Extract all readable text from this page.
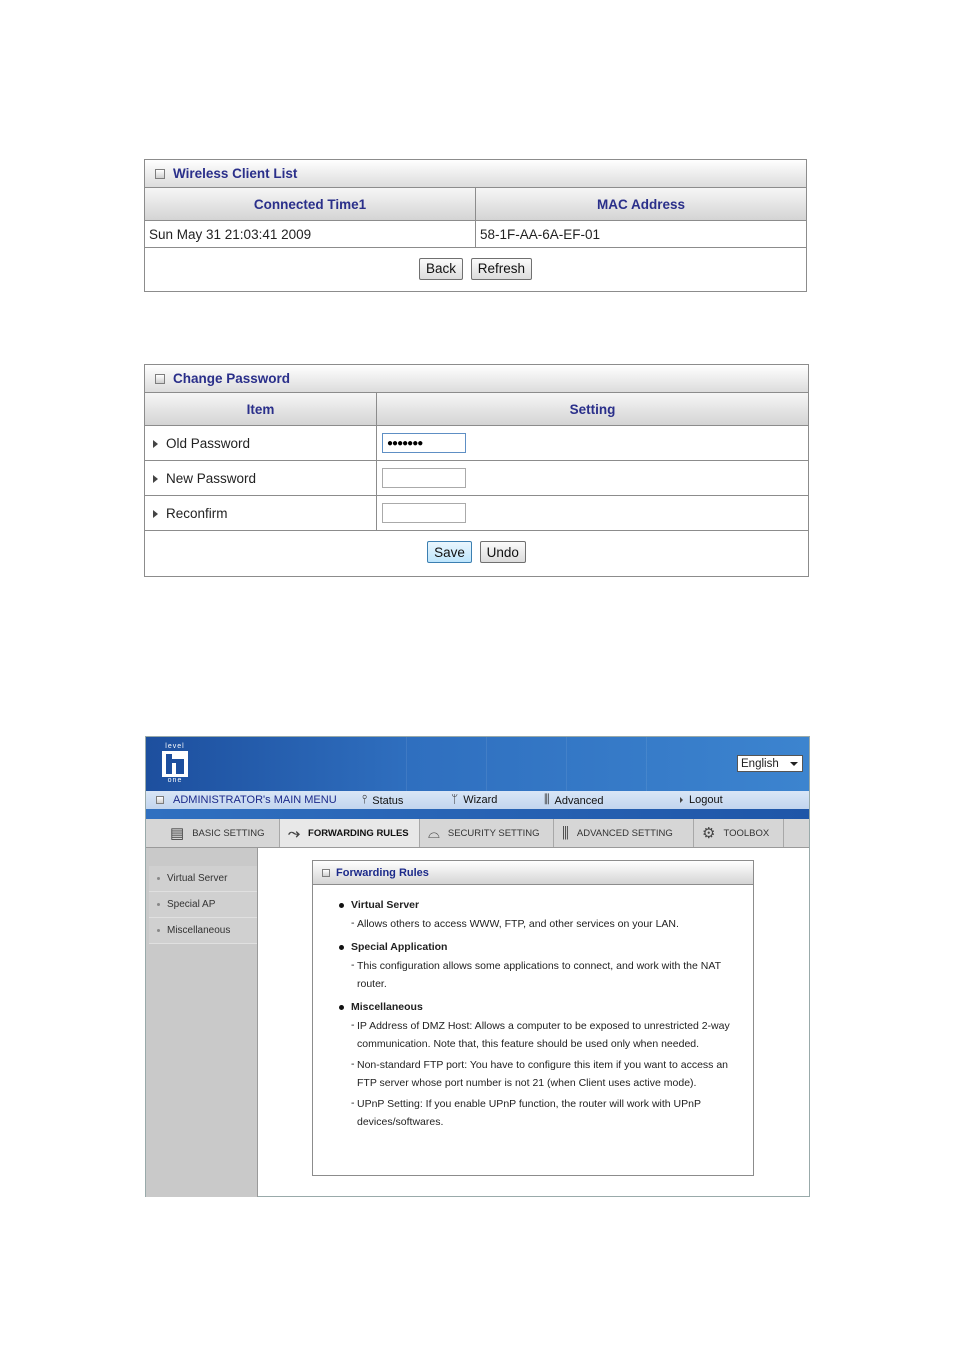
Wireless Client List
Connected Time1	MAC Address
Sun May 31 21:03:41 2009	58-1F-AA-6A-EF-01
Back Refresh	
Change Password
Item	Setting
Old Password	●●●●●●●
New Password	
Reconfirm	
Save Undo	
level
one
English
ADMINISTRATOR's MAIN MENU ⫯ Status	ᛘ Wizard	⫼ Advanced	Logout
▤ BASIC SETTING ⤳ FORWARDING RULES ⌓ SECURITY SETTING ⫼ ADVANCED SETTING ⚙ TOOLBOX
Virtual Server
Special AP
Miscellaneous
Forwarding Rules
Virtual Server
- Allows others to access WWW, FTP, and other services on your LAN.
Special Application
- This configuration allows some applications to connect, and work with the NAT router.
Miscellaneous
- IP Address of DMZ Host: Allows a computer to be exposed to unrestricted 2-way communication. Note that, this feature should be used only when needed.
- Non-standard FTP port: You have to configure this item if you want to access an FTP server whose port number is not 21 (when Client uses active mode).
- UPnP Setting: If you enable UPnP function, the router will work with UPnP devices/softwares.
